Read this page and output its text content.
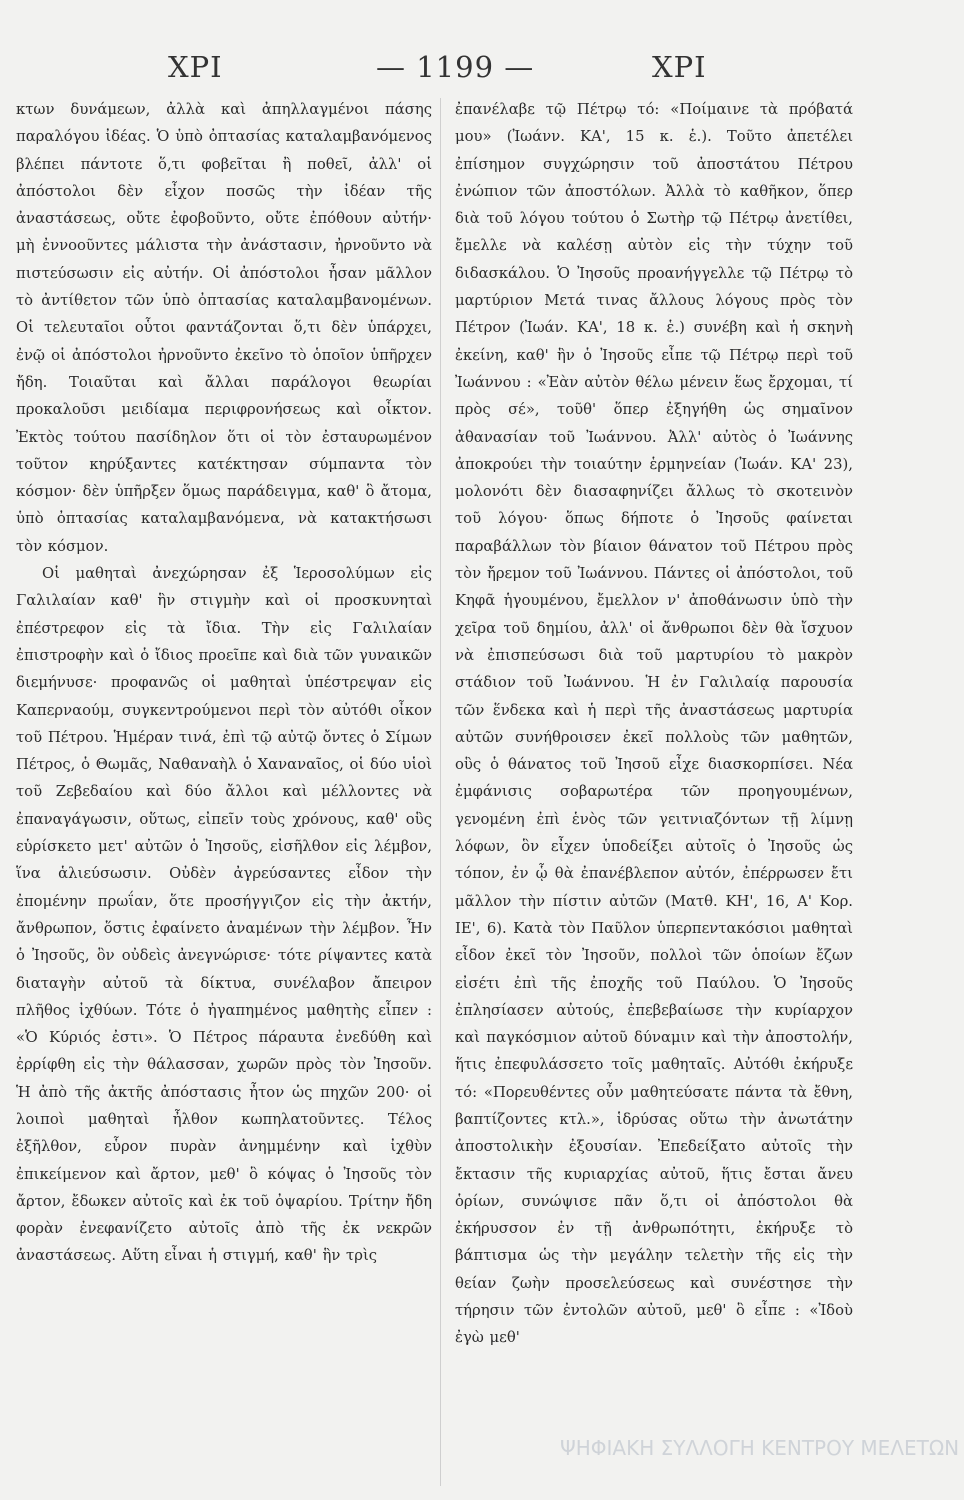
ΧΡΙ	— 1199 —	ΧΡΙ

κτων δυνάμεων, ἀλλὰ καὶ ἀπηλλαγμένοι πάσης παραλόγου ἰδέας. Ὁ ὑπὸ ὀπτασίας καταλαμβανόμενος βλέπει πάντοτε ὅ,τι φοβεῖται ἢ ποθεῖ, ἀλλ' οἱ ἀπόστολοι δὲν εἶχον ποσῶς τὴν ἰδέαν τῆς ἀναστάσεως, οὔτε ἐφοβοῦντο, οὔτε ἐπόθουν αὐτήν· μὴ ἐννοοῦντες μάλιστα τὴν ἀνάστασιν, ἠρνοῦντο νὰ πιστεύσωσιν εἰς αὐτήν. Οἱ ἀπόστολοι ἦσαν μᾶλλον τὸ ἀντίθετον τῶν ὑπὸ ὀπτασίας καταλαμβανομένων. Οἱ τελευταῖοι οὗτοι φαντάζονται ὅ,τι δὲν ὑπάρχει, ἐνῷ οἱ ἀπόστολοι ἠρνοῦντο ἐκεῖνο τὸ ὁποῖον ὑπῆρχεν ἤδη. Τοιαῦται καὶ ἄλλαι παράλογοι θεωρίαι προκαλοῦσι μειδίαμα περιφρονήσεως καὶ οἶκτον. Ἐκτὸς τούτου πασίδηλον ὅτι οἱ τὸν ἐσταυρωμένον τοῦτον κηρύξαντες κατέκτησαν σύμπαντα τὸν κόσμον· δὲν ὑπῆρξεν ὅμως παράδειγμα, καθ' ὃ ἄτομα, ὑπὸ ὀπτασίας καταλαμβανόμενα, νὰ κατακτήσωσι τὸν κόσμον.

Οἱ μαθηταὶ ἀνεχώρησαν ἐξ Ἱεροσολύμων εἰς Γαλιλαίαν καθ' ἣν στιγμὴν καὶ οἱ προσκυνηταὶ ἐπέστρεφον εἰς τὰ ἴδια. Τὴν εἰς Γαλιλαίαν ἐπιστροφὴν καὶ ὁ ἴδιος προεῖπε καὶ διὰ τῶν γυναικῶν διεμήνυσε· προφανῶς οἱ μαθηταὶ ὑπέστρεψαν εἰς Καπερναούμ, συγκεντρούμενοι περὶ τὸν αὐτόθι οἶκον τοῦ Πέτρου. Ἡμέραν τινά, ἐπὶ τῷ αὐτῷ ὄντες ὁ Σίμων Πέτρος, ὁ Θωμᾶς, Ναθαναὴλ ὁ Χαναναῖος, οἱ δύο υἱοὶ τοῦ Ζεβεδαίου καὶ δύο ἄλλοι καὶ μέλλοντες νὰ ἐπαναγάγωσιν, οὕτως, εἰπεῖν τοὺς χρόνους, καθ' οὓς εὑρίσκετο μετ' αὐτῶν ὁ Ἰησοῦς, εἰσῆλθον εἰς λέμβον, ἵνα ἁλιεύσωσιν. Οὐδὲν ἀγρεύσαντες εἶδον τὴν ἐπομένην πρωΐαν, ὅτε προσήγγιζον εἰς τὴν ἀκτήν, ἄνθρωπον, ὅστις ἐφαίνετο ἀναμένων τὴν λέμβον. Ἦν ὁ Ἰησοῦς, ὃν οὐδεὶς ἀνεγνώρισε· τότε ρίψαντες κατὰ διαταγὴν αὐτοῦ τὰ δίκτυα, συνέλαβον ἄπειρον πλῆθος ἰχθύων. Τότε ὁ ἠγαπημένος μαθητὴς εἶπεν : «Ὁ Κύριός ἐστι». Ὁ Πέτρος πάραυτα ἐνεδύθη καὶ ἐρρίφθη εἰς τὴν θάλασσαν, χωρῶν πρὸς τὸν Ἰησοῦν. Ἡ ἀπὸ τῆς ἀκτῆς ἀπόστασις ἦτον ὡς πηχῶν 200· οἱ λοιποὶ μαθηταὶ ἦλθον κωπηλατοῦντες. Τέλος ἐξῆλθον, εὗρον πυρὰν ἀνημμένην καὶ ἰχθὺν ἐπικείμενον καὶ ἄρτον, μεθ' ὃ κόψας ὁ Ἰησοῦς τὸν ἄρτον, ἔδωκεν αὐτοῖς καὶ ἐκ τοῦ ὀψαρίου. Τρίτην ἤδη φορὰν ἐνεφανίζετο αὐτοῖς ἀπὸ τῆς ἐκ νεκρῶν ἀναστάσεως. Αὕτη εἶναι ἡ στιγμή, καθ' ἣν τρὶς

ἐπανέλαβε τῷ Πέτρῳ τό: «Ποίμαινε τὰ πρόβατά μου» (Ἰωάνν. ΚΑ', 15 κ. ἑ.). Τοῦτο ἀπετέλει ἐπίσημον συγχώρησιν τοῦ ἀποστάτου Πέτρου ἐνώπιον τῶν ἀποστόλων. Ἀλλὰ τὸ καθῆκον, ὅπερ διὰ τοῦ λόγου τούτου ὁ Σωτὴρ τῷ Πέτρῳ ἀνετίθει, ἔμελλε νὰ καλέσῃ αὐτὸν εἰς τὴν τύχην τοῦ διδασκάλου. Ὁ Ἰησοῦς προανήγγελλε τῷ Πέτρῳ τὸ μαρτύριον Μετά τινας ἄλλους λόγους πρὸς τὸν Πέτρον (Ἰωάν. ΚΑ', 18 κ. ἑ.) συνέβη καὶ ἡ σκηνὴ ἐκείνη, καθ' ἣν ὁ Ἰησοῦς εἶπε τῷ Πέτρῳ περὶ τοῦ Ἰωάννου : «Ἐὰν αὐτὸν θέλω μένειν ἕως ἔρχομαι, τί πρὸς σέ», τοῦθ' ὅπερ ἐξηγήθη ὡς σημαῖνον ἀθανασίαν τοῦ Ἰωάννου. Ἀλλ' αὐτὸς ὁ Ἰωάννης ἀποκρούει τὴν τοιαύτην ἑρμηνείαν (Ἰωάν. ΚΑ' 23), μολονότι δὲν διασαφηνίζει ἄλλως τὸ σκοτεινὸν τοῦ λόγου· ὅπως δήποτε ὁ Ἰησοῦς φαίνεται παραβάλλων τὸν βίαιον θάνατον τοῦ Πέτρου πρὸς τὸν ἤρεμον τοῦ Ἰωάννου. Πάντες οἱ ἀπόστολοι, τοῦ Κηφᾶ ἡγουμένου, ἔμελλον ν' ἀποθάνωσιν ὑπὸ τὴν χεῖρα τοῦ δημίου, ἀλλ' οἱ ἄνθρωποι δὲν θὰ ἴσχυον νὰ ἐπισπεύσωσι διὰ τοῦ μαρτυρίου τὸ μακρὸν στάδιον τοῦ Ἰωάννου. Ἡ ἐν Γαλιλαίᾳ παρουσία τῶν ἕνδεκα καὶ ἡ περὶ τῆς ἀναστάσεως μαρτυρία αὐτῶν συνήθροισεν ἐκεῖ πολλοὺς τῶν μαθητῶν, οὓς ὁ θάνατος τοῦ Ἰησοῦ εἶχε διασκορπίσει. Νέα ἐμφάνισις σοβαρωτέρα τῶν προηγουμένων, γενομένη ἐπὶ ἑνὸς τῶν γειτνιαζόντων τῇ λίμνῃ λόφων, ὃν εἶχεν ὑποδείξει αὐτοῖς ὁ Ἰησοῦς ὡς τόπον, ἐν ᾧ θὰ ἐπανέβλεπον αὐτόν, ἐπέρρωσεν ἔτι μᾶλλον τὴν πίστιν αὐτῶν (Ματθ. ΚΗ', 16, Α' Κορ. ΙΕ', 6). Κατὰ τὸν Παῦλον ὑπερπεντακόσιοι μαθηταὶ εἶδον ἐκεῖ τὸν Ἰησοῦν, πολλοὶ τῶν ὁποίων ἔζων εἰσέτι ἐπὶ τῆς ἐποχῆς τοῦ Παύλου. Ὁ Ἰησοῦς ἐπλησίασεν αὐτούς, ἐπεβεβαίωσε τὴν κυρίαρχον καὶ παγκόσμιον αὐτοῦ δύναμιν καὶ τὴν ἀποστολήν, ἥτις ἐπεφυλάσσετο τοῖς μαθηταῖς. Αὐτόθι ἐκήρυξε τό: «Πορευθέντες οὖν μαθητεύσατε πάντα τὰ ἔθνη, βαπτίζοντες κτλ.», ἱδρύσας οὕτω τὴν ἀνωτάτην ἀποστολικὴν ἐξουσίαν. Ἐπεδείξατο αὐτοῖς τὴν ἔκτασιν τῆς κυριαρχίας αὐτοῦ, ἥτις ἔσται ἄνευ ὁρίων, συνώψισε πᾶν ὅ,τι οἱ ἀπόστολοι θὰ ἐκήρυσσον ἐν τῇ ἀνθρωπότητι, ἐκήρυξε τὸ βάπτισμα ὡς τὴν μεγάλην τελετὴν τῆς εἰς τὴν θείαν ζωὴν προσελεύσεως καὶ συνέστησε τὴν τήρησιν τῶν ἐντολῶν αὐτοῦ, μεθ' ὃ εἶπε : «Ἰδοὺ ἐγὼ μεθ'

ΨΗΦΙΑΚΗ ΣΥΛΛΟΓΗ ΚΕΝΤΡΟΥ ΜΕΛΕΤΩΝ
